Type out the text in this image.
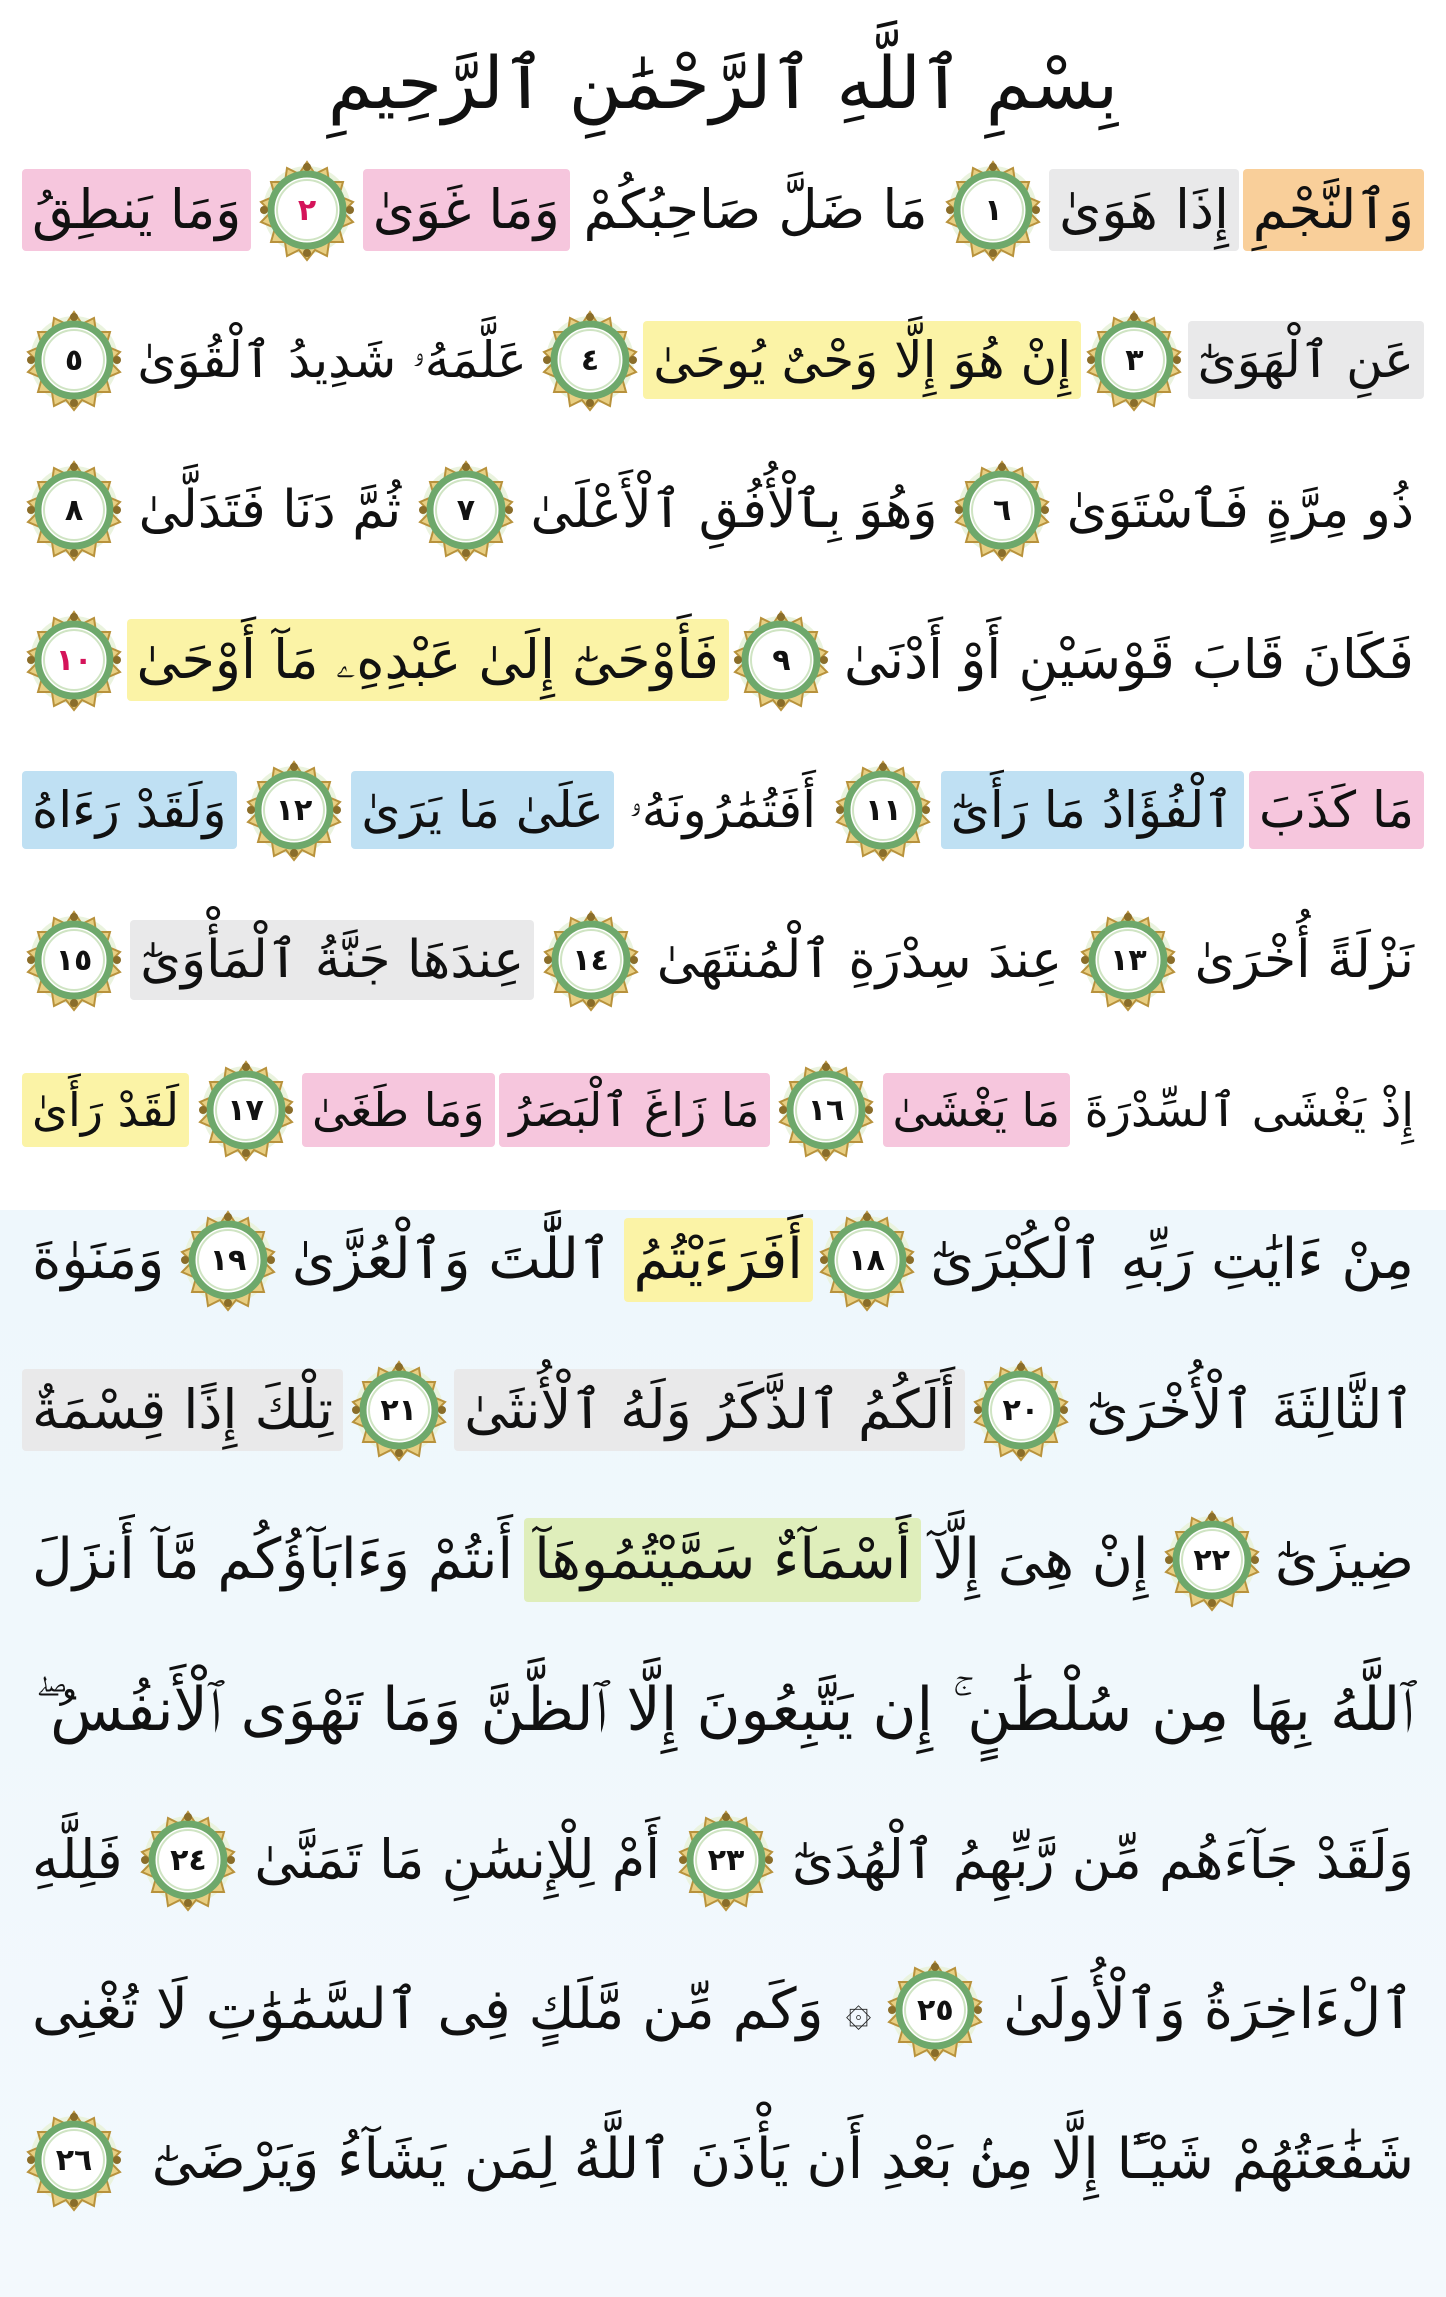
بِسْمِ ٱللَّهِ ٱلرَّحْمَٰنِ ٱلرَّحِيمِ
وَٱلنَّجْمِ
إِذَا هَوَىٰ
١
مَا ضَلَّ صَاحِبُكُمْ
وَمَا غَوَىٰ
٢
وَمَا يَنطِقُ
عَنِ ٱلْهَوَىٰٓ
٣
إِنْ هُوَ إِلَّا وَحْىٌ يُوحَىٰ
٤
عَلَّمَهُۥ شَدِيدُ ٱلْقُوَىٰ
٥
ذُو مِرَّةٍ فَٱسْتَوَىٰ
٦
وَهُوَ بِٱلْأُفُقِ ٱلْأَعْلَىٰ
٧
ثُمَّ دَنَا فَتَدَلَّىٰ
٨
فَكَانَ قَابَ قَوْسَيْنِ أَوْ أَدْنَىٰ
٩
فَأَوْحَىٰٓ إِلَىٰ عَبْدِهِۦ مَآ أَوْحَىٰ
١٠
مَا كَذَبَ
ٱلْفُؤَادُ مَا رَأَىٰٓ
١١
أَفَتُمَٰرُونَهُۥ
عَلَىٰ مَا يَرَىٰ
١٢
وَلَقَدْ رَءَاهُ
نَزْلَةً أُخْرَىٰ
١٣
عِندَ سِدْرَةِ ٱلْمُنتَهَىٰ
١٤
عِندَهَا جَنَّةُ ٱلْمَأْوَىٰٓ
١٥
إِذْ يَغْشَى ٱلسِّدْرَةَ
مَا يَغْشَىٰ
١٦
مَا زَاغَ ٱلْبَصَرُ
وَمَا طَغَىٰ
١٧
لَقَدْ رَأَىٰ
مِنْ ءَايَٰتِ رَبِّهِ ٱلْكُبْرَىٰٓ
١٨
أَفَرَءَيْتُمُ
ٱللَّٰتَ وَٱلْعُزَّىٰ
١٩
وَمَنَوٰةَ
ٱلثَّالِثَةَ ٱلْأُخْرَىٰٓ
٢٠
أَلَكُمُ ٱلذَّكَرُ وَلَهُ ٱلْأُنثَىٰ
٢١
تِلْكَ إِذًا قِسْمَةٌ
ضِيزَىٰٓ
٢٢
إِنْ هِىَ إِلَّآ
أَسْمَآءٌ سَمَّيْتُمُوهَآ
أَنتُمْ وَءَابَآؤُكُم مَّآ أَنزَلَ
ٱللَّهُ بِهَا مِن سُلْطَٰنٍ ۚ إِن يَتَّبِعُونَ إِلَّا ٱلظَّنَّ وَمَا تَهْوَى ٱلْأَنفُسُ ۖ
وَلَقَدْ جَآءَهُم مِّن رَّبِّهِمُ ٱلْهُدَىٰٓ
٢٣
أَمْ لِلْإِنسَٰنِ مَا تَمَنَّىٰ
٢٤
فَلِلَّهِ
ٱلْءَاخِرَةُ وَٱلْأُولَىٰ
٢٥
۞
وَكَم مِّن مَّلَكٍ فِى ٱلسَّمَٰوَٰتِ لَا تُغْنِى
شَفَٰعَتُهُمْ شَيْـًٔا إِلَّا مِنۢ بَعْدِ أَن يَأْذَنَ ٱللَّهُ لِمَن يَشَآءُ وَيَرْضَىٰٓ
٢٦
